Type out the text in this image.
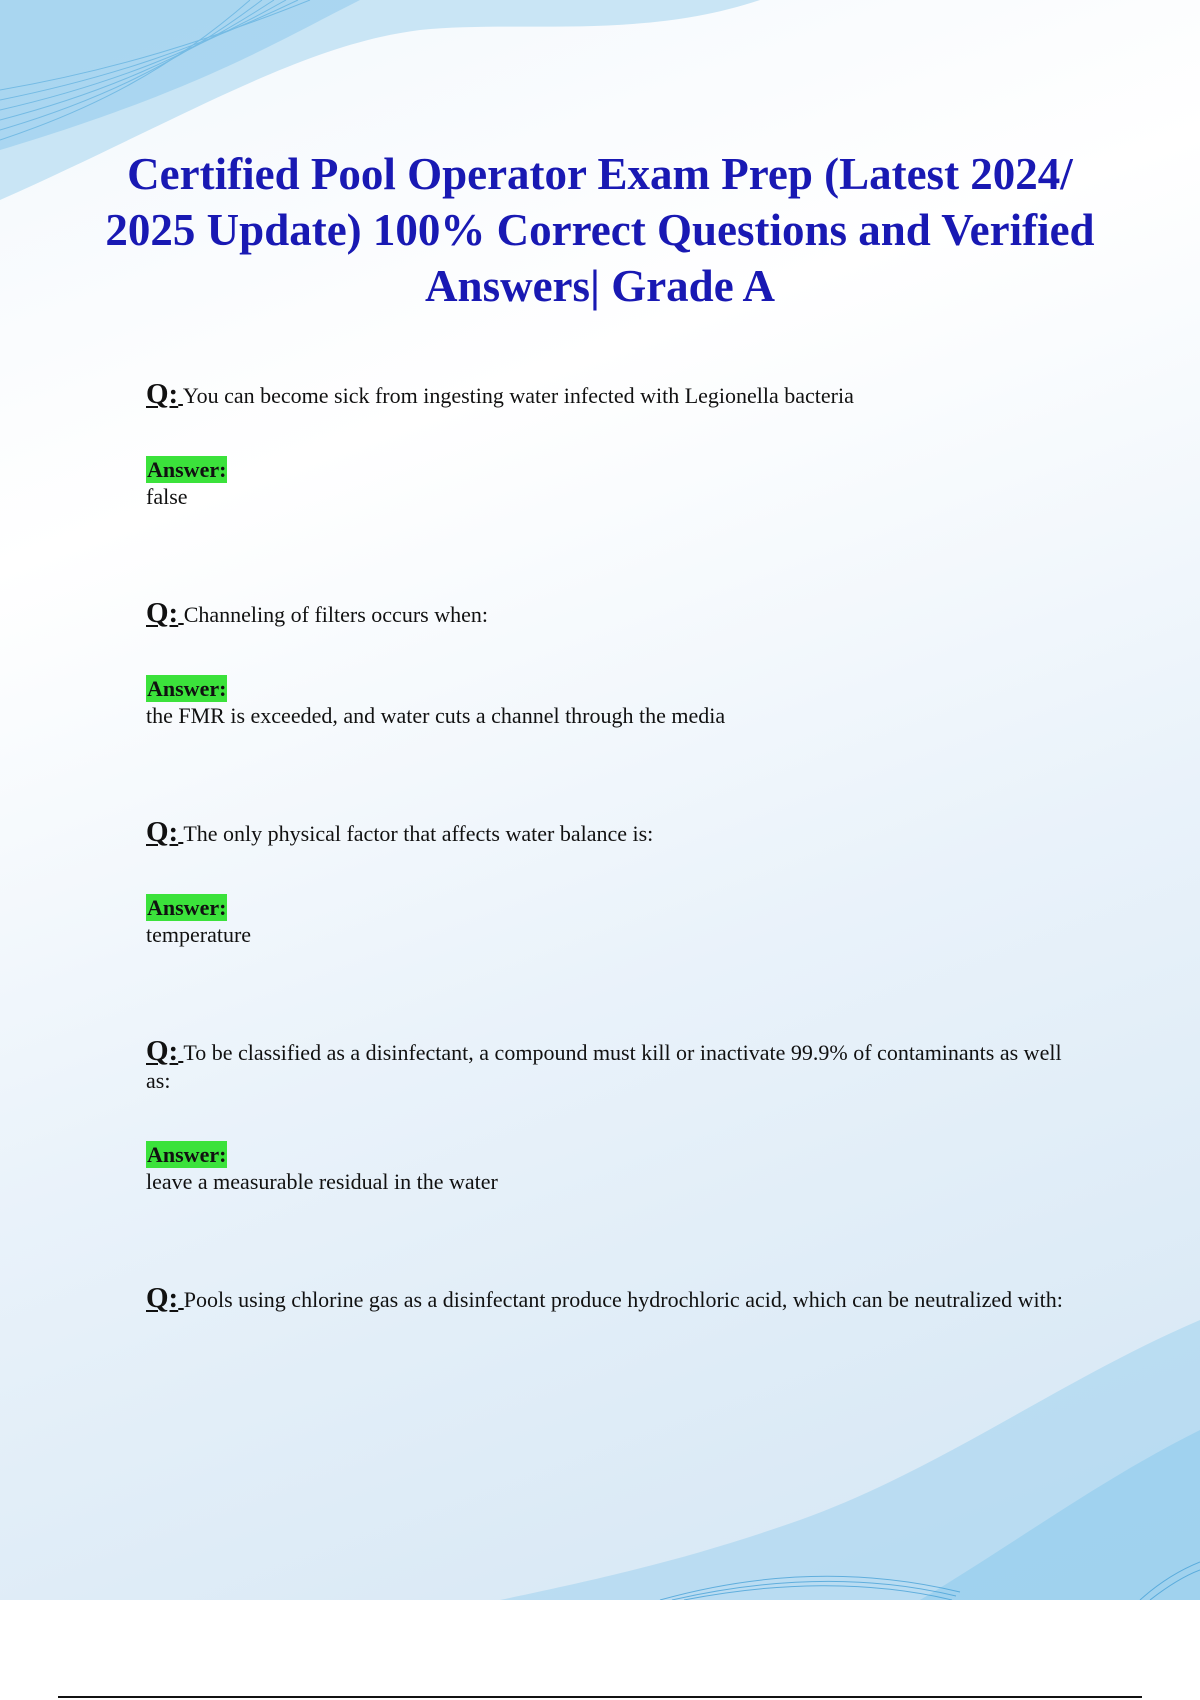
Certified Pool Operator Exam Prep (Latest 2024/ 2025 Update) 100% Correct Questions and Verified Answers| Grade A
Q: You can become sick from ingesting water infected with Legionella bacteria
Answer:
false
Q: Channeling of filters occurs when:
Answer:
the FMR is exceeded, and water cuts a channel through the media
Q: The only physical factor that affects water balance is:
Answer:
temperature
Q: To be classified as a disinfectant, a compound must kill or inactivate 99.9% of contaminants as well as:
Answer:
leave a measurable residual in the water
Q: Pools using chlorine gas as a disinfectant produce hydrochloric acid, which can be neutralized with:
